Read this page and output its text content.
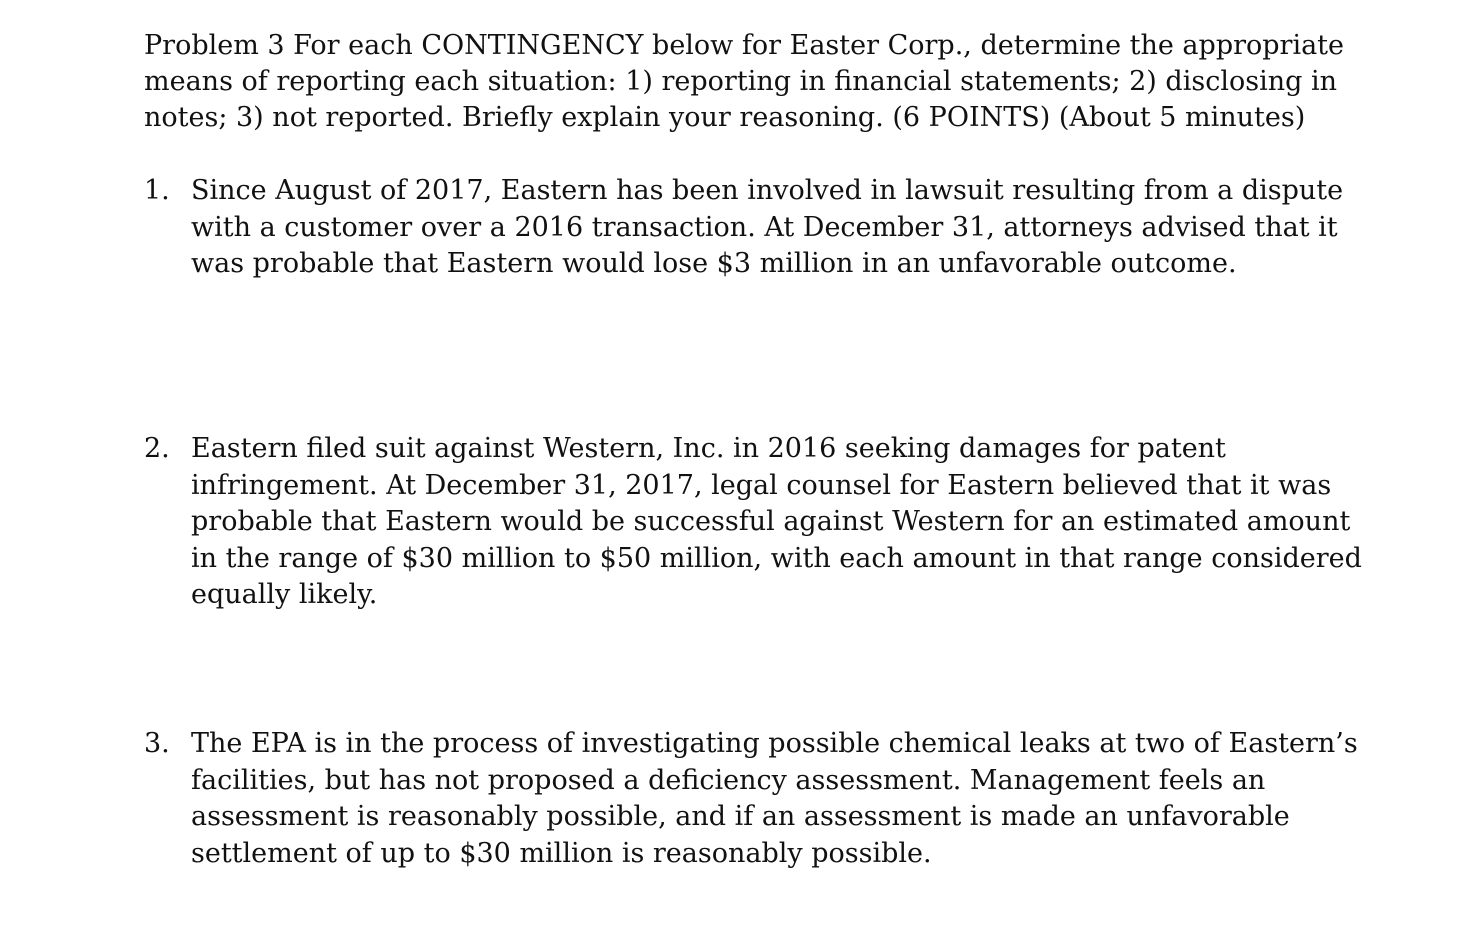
Problem 3 For each CONTINGENCY below for Easter Corp., determine the appropriate means of reporting each situation: 1) reporting in financial statements; 2) disclosing in notes; 3) not reported. Briefly explain your reasoning. (6 POINTS) (About 5 minutes)

1. Since August of 2017, Eastern has been involved in lawsuit resulting from a dispute with a customer over a 2016 transaction. At December 31, attorneys advised that it was probable that Eastern would lose $3 million in an unfavorable outcome.
2. Eastern filed suit against Western, Inc. in 2016 seeking damages for patent infringement. At December 31, 2017, legal counsel for Eastern believed that it was probable that Eastern would be successful against Western for an estimated amount in the range of $30 million to $50 million, with each amount in that range considered equally likely.
3. The EPA is in the process of investigating possible chemical leaks at two of Eastern’s facilities, but has not proposed a deficiency assessment. Management feels an assessment is reasonably possible, and if an assessment is made an unfavorable settlement of up to $30 million is reasonably possible.
